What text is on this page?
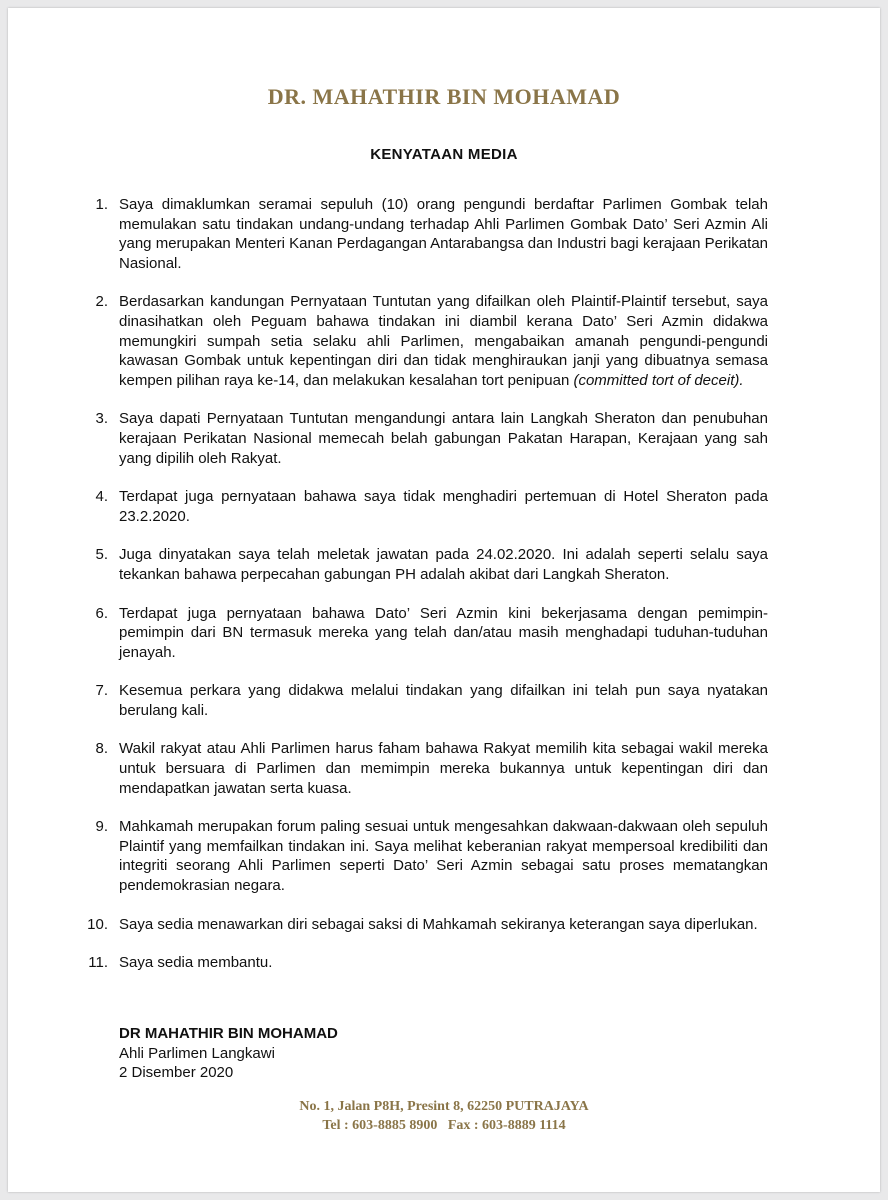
DR. MAHATHIR BIN MOHAMAD
KENYATAAN MEDIA
1. Saya dimaklumkan seramai sepuluh (10) orang pengundi berdaftar Parlimen Gombak telah memulakan satu tindakan undang-undang terhadap Ahli Parlimen Gombak Dato’ Seri Azmin Ali yang merupakan Menteri Kanan Perdagangan Antarabangsa dan Industri bagi kerajaan Perikatan Nasional.
2. Berdasarkan kandungan Pernyataan Tuntutan yang difailkan oleh Plaintif-Plaintif tersebut, saya dinasihatkan oleh Peguam bahawa tindakan ini diambil kerana Dato’ Seri Azmin didakwa memungkiri sumpah setia selaku ahli Parlimen, mengabaikan amanah pengundi-pengundi kawasan Gombak untuk kepentingan diri dan tidak menghiraukan janji yang dibuatnya semasa kempen pilihan raya ke-14, dan melakukan kesalahan tort penipuan (committed tort of deceit).
3. Saya dapati Pernyataan Tuntutan mengandungi antara lain Langkah Sheraton dan penubuhan kerajaan Perikatan Nasional memecah belah gabungan Pakatan Harapan, Kerajaan yang sah yang dipilih oleh Rakyat.
4. Terdapat juga pernyataan bahawa saya tidak menghadiri pertemuan di Hotel Sheraton pada 23.2.2020.
5. Juga dinyatakan saya telah meletak jawatan pada 24.02.2020. Ini adalah seperti selalu saya tekankan bahawa perpecahan gabungan PH adalah akibat dari Langkah Sheraton.
6. Terdapat juga pernyataan bahawa Dato’ Seri Azmin kini bekerjasama dengan pemimpin-pemimpin dari BN termasuk mereka yang telah dan/atau masih menghadapi tuduhan-tuduhan jenayah.
7. Kesemua perkara yang didakwa melalui tindakan yang difailkan ini telah pun saya nyatakan berulang kali.
8. Wakil rakyat atau Ahli Parlimen harus faham bahawa Rakyat memilih kita sebagai wakil mereka untuk bersuara di Parlimen dan memimpin mereka bukannya untuk kepentingan diri dan mendapatkan jawatan serta kuasa.
9. Mahkamah merupakan forum paling sesuai untuk mengesahkan dakwaan-dakwaan oleh sepuluh Plaintif yang memfailkan tindakan ini. Saya melihat keberanian rakyat mempersoal kredibiliti dan integriti seorang Ahli Parlimen seperti Dato’ Seri Azmin sebagai satu proses mematangkan pendemokrasian negara.
10. Saya sedia menawarkan diri sebagai saksi di Mahkamah sekiranya keterangan saya diperlukan.
11. Saya sedia membantu.
DR MAHATHIR BIN MOHAMAD
Ahli Parlimen Langkawi
2 Disember 2020
No. 1, Jalan P8H, Presint 8, 62250 PUTRAJAYA
Tel : 603-8885 8900   Fax : 603-8889 1114
